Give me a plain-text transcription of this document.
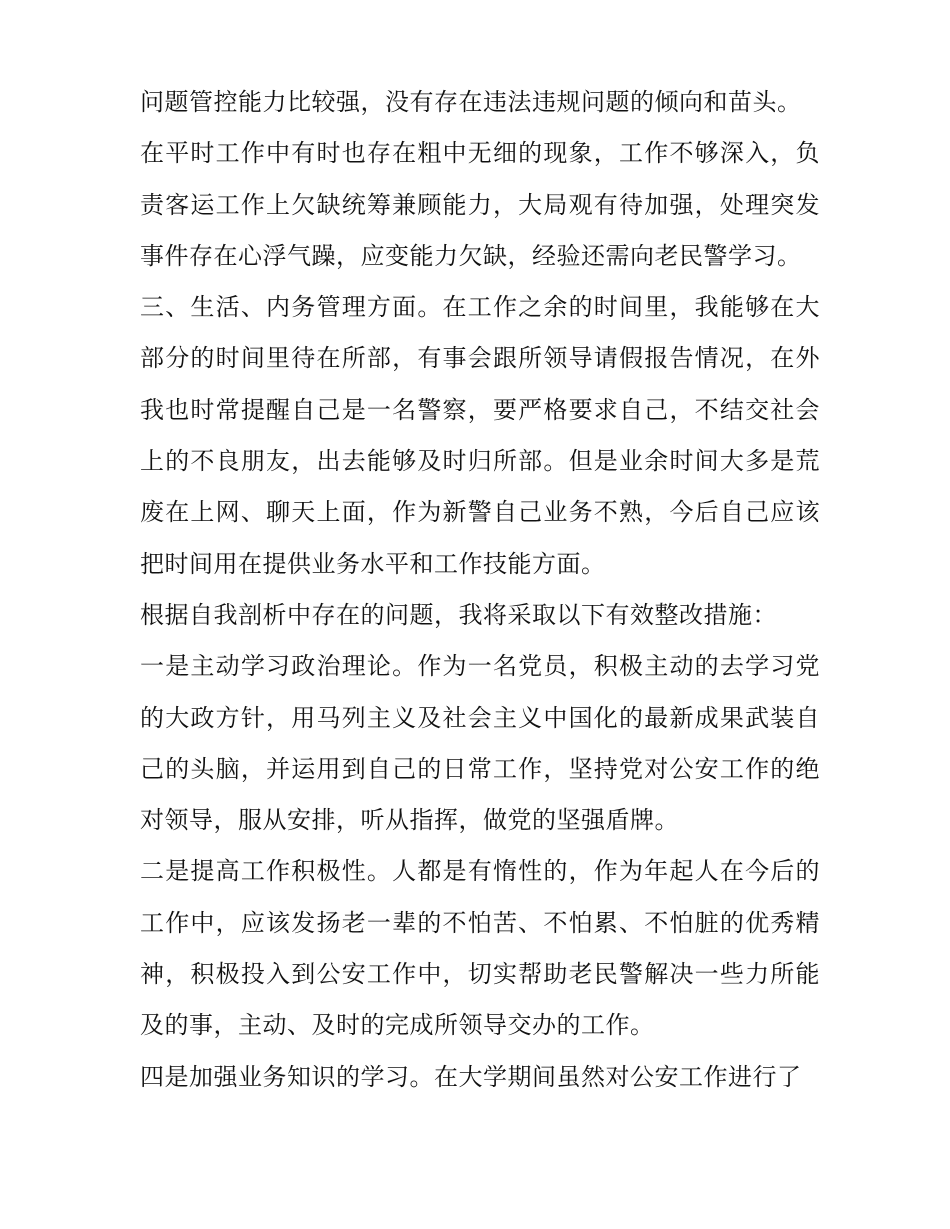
问题管控能力比较强，没有存在违法违规问题的倾向和苗头。

在平时工作中有时也存在粗中无细的现象，工作不够深入，负责客运工作上欠缺统筹兼顾能力，大局观有待加强，处理突发事件存在心浮气躁，应变能力欠缺，经验还需向老民警学习。

三、生活、内务管理方面。在工作之余的时间里，我能够在大部分的时间里待在所部，有事会跟所领导请假报告情况，在外我也时常提醒自己是一名警察，要严格要求自己，不结交社会上的不良朋友，出去能够及时归所部。但是业余时间大多是荒废在上网、聊天上面，作为新警自己业务不熟，今后自己应该把时间用在提供业务水平和工作技能方面。

根据自我剖析中存在的问题，我将采取以下有效整改措施：

一是主动学习政治理论。作为一名党员，积极主动的去学习党的大政方针，用马列主义及社会主义中国化的最新成果武装自己的头脑，并运用到自己的日常工作，坚持党对公安工作的绝对领导，服从安排，听从指挥，做党的坚强盾牌。

二是提高工作积极性。人都是有惰性的，作为年起人在今后的工作中，应该发扬老一辈的不怕苦、不怕累、不怕脏的优秀精神，积极投入到公安工作中，切实帮助老民警解决一些力所能及的事，主动、及时的完成所领导交办的工作。

四是加强业务知识的学习。在大学期间虽然对公安工作进行了
